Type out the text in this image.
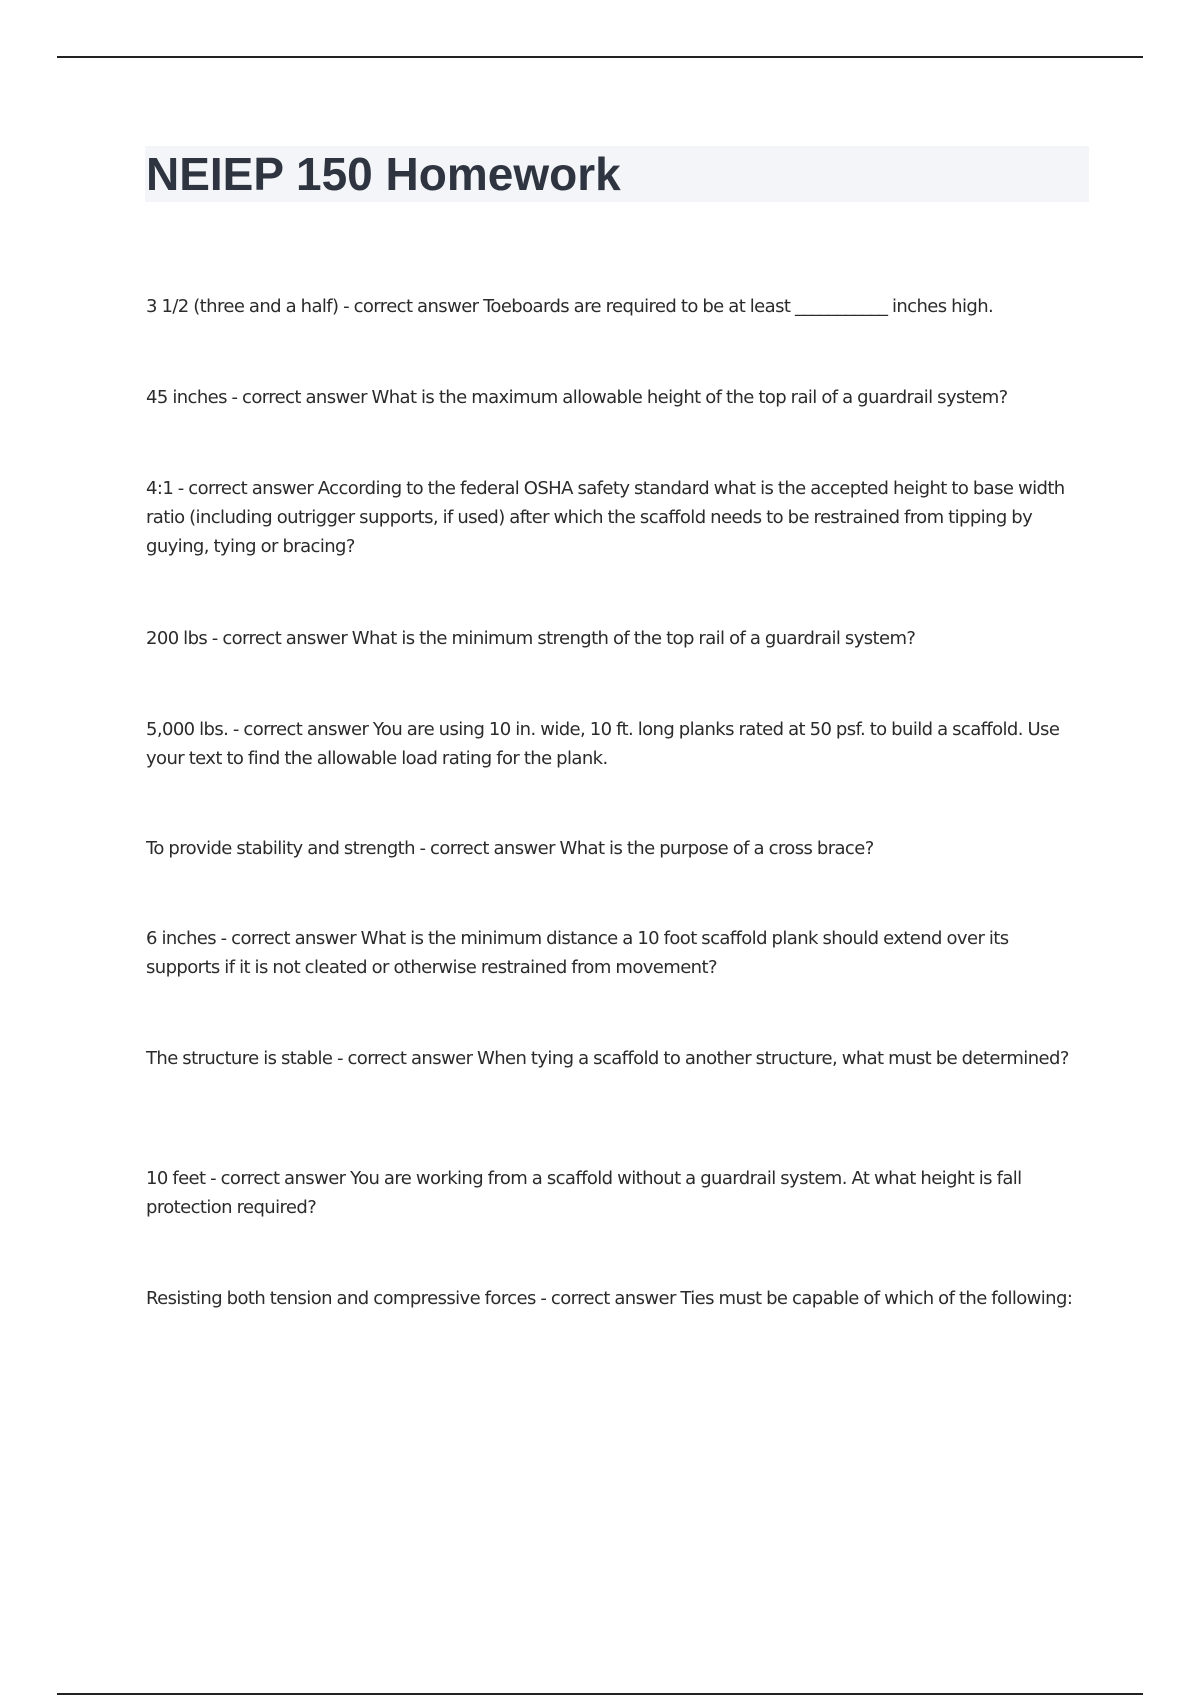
NEIEP 150 Homework

3 1/2 (three and a half) - correct answer Toeboards are required to be at least ___________ inches high.

45 inches - correct answer What is the maximum allowable height of the top rail of a guardrail system?

4:1 - correct answer According to the federal OSHA safety standard what is the accepted height to base width ratio (including outrigger supports, if used) after which the scaffold needs to be restrained from tipping by guying, tying or bracing?

200 lbs - correct answer What is the minimum strength of the top rail of a guardrail system?

5,000 lbs. - correct answer You are using 10 in. wide, 10 ft. long planks rated at 50 psf. to build a scaffold. Use your text to find the allowable load rating for the plank.

To provide stability and strength - correct answer What is the purpose of a cross brace?

6 inches - correct answer What is the minimum distance a 10 foot scaffold plank should extend over its supports if it is not cleated or otherwise restrained from movement?

The structure is stable - correct answer When tying a scaffold to another structure, what must be determined?

10 feet - correct answer You are working from a scaffold without a guardrail system. At what height is fall protection required?

Resisting both tension and compressive forces - correct answer Ties must be capable of which of the following:
